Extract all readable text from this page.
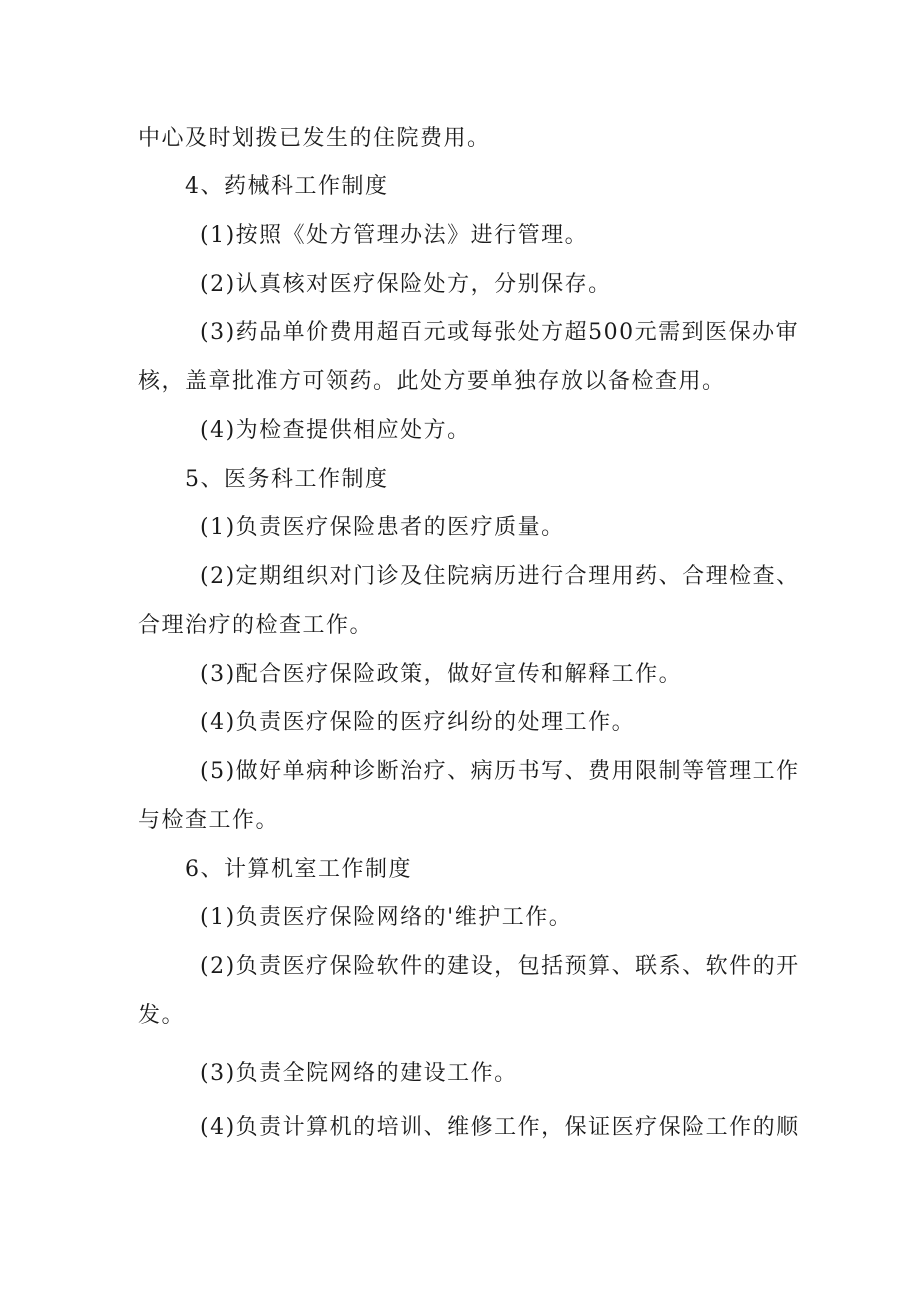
中心及时划拨已发生的住院费用。
4、药械科工作制度
(1)按照《处方管理办法》进行管理。
(2)认真核对医疗保险处方，分别保存。
(3)药品单价费用超百元或每张处方超500元需到医保办审
核，盖章批准方可领药。此处方要单独存放以备检查用。
(4)为检查提供相应处方。
5、医务科工作制度
(1)负责医疗保险患者的医疗质量。
(2)定期组织对门诊及住院病历进行合理用药、合理检查、
合理治疗的检查工作。
(3)配合医疗保险政策，做好宣传和解释工作。
(4)负责医疗保险的医疗纠纷的处理工作。
(5)做好单病种诊断治疗、病历书写、费用限制等管理工作
与检查工作。
6、计算机室工作制度
(1)负责医疗保险网络的'维护工作。
(2)负责医疗保险软件的建设，包括预算、联系、软件的开
发。
(3)负责全院网络的建设工作。
(4)负责计算机的培训、维修工作，保证医疗保险工作的顺
